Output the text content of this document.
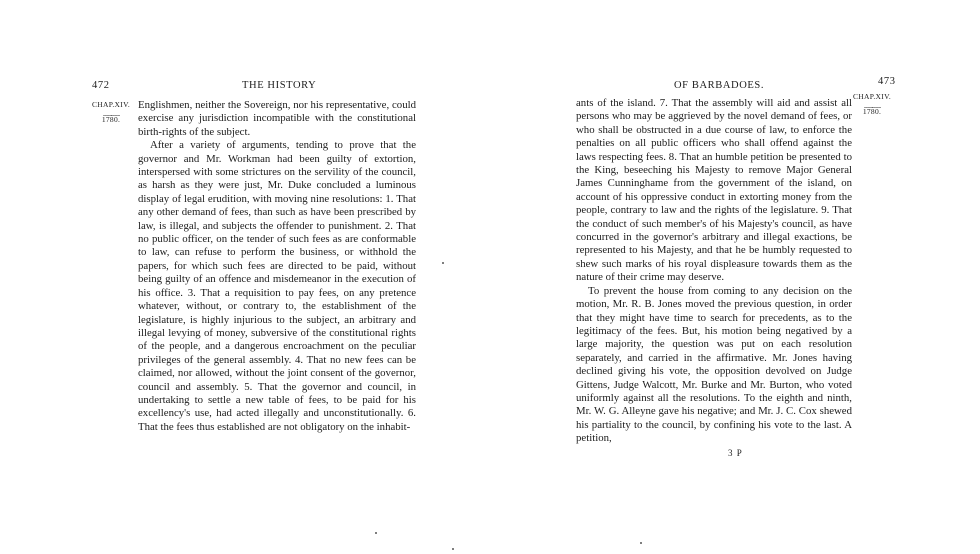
472	THE HISTORY
CHAP.XIV.
﹏﹏
1780.

Englishmen, neither the Sovereign, nor his representative, could exercise any jurisdiction incompatible with the constitutional birth-rights of the subject.

After a variety of arguments, tending to prove that the governor and Mr. Workman had been guilty of extortion, interspersed with some strictures on the servility of the council, as harsh as they were just, Mr. Duke concluded a luminous display of legal erudition, with moving nine resolutions: 1. That any other demand of fees, than such as have been prescribed by law, is illegal, and subjects the offender to punishment. 2. That no public officer, on the tender of such fees as are conformable to law, can refuse to perform the business, or withhold the papers, for which such fees are directed to be paid, without being guilty of an offence and misdemeanor in the execution of his office. 3. That a requisition to pay fees, on any pretence whatever, without, or contrary to, the establishment of the legislature, is highly injurious to the subject, an arbitrary and illegal levying of money, subversive of the constitutional rights of the people, and a dangerous encroachment on the peculiar privileges of the general assembly. 4. That no new fees can be claimed, nor allowed, without the joint consent of the governor, council and assembly. 5. That the governor and council, in undertaking to settle a new table of fees, to be paid for his excellency's use, had acted illegally and unconstitutionally. 6. That the fees thus established are not obligatory on the inhabit-

OF BARBADOES.	473
CHAP.XIV.
﹏﹏
1780.

ants of the island. 7. That the assembly will aid and assist all persons who may be aggrieved by the novel demand of fees, or who shall be obstructed in a due course of law, to enforce the penalties on all public officers who shall offend against the laws respecting fees. 8. That an humble petition be presented to the King, beseeching his Majesty to remove Major General James Cunninghame from the government of the island, on account of his oppressive conduct in extorting money from the people, contrary to law and the rights of the legislature. 9. That the conduct of such member's of his Majesty's council, as have concurred in the governor's arbitrary and illegal exactions, be represented to his Majesty, and that he be humbly requested to shew such marks of his royal displeasure towards them as the nature of their crime may deserve.

To prevent the house from coming to any decision on the motion, Mr. R. B. Jones moved the previous question, in order that they might have time to search for precedents, as to the legitimacy of the fees. But, his motion being negatived by a large majority, the question was put on each resolution separately, and carried in the affirmative. Mr. Jones having declined giving his vote, the opposition devolved on Judge Gittens, Judge Walcott, Mr. Burke and Mr. Burton, who voted uniformly against all the resolutions. To the eighth and ninth, Mr. W. G. Alleyne gave his negative; and Mr. J. C. Cox shewed his partiality to the council, by confining his vote to the last. A petition,

3 P
